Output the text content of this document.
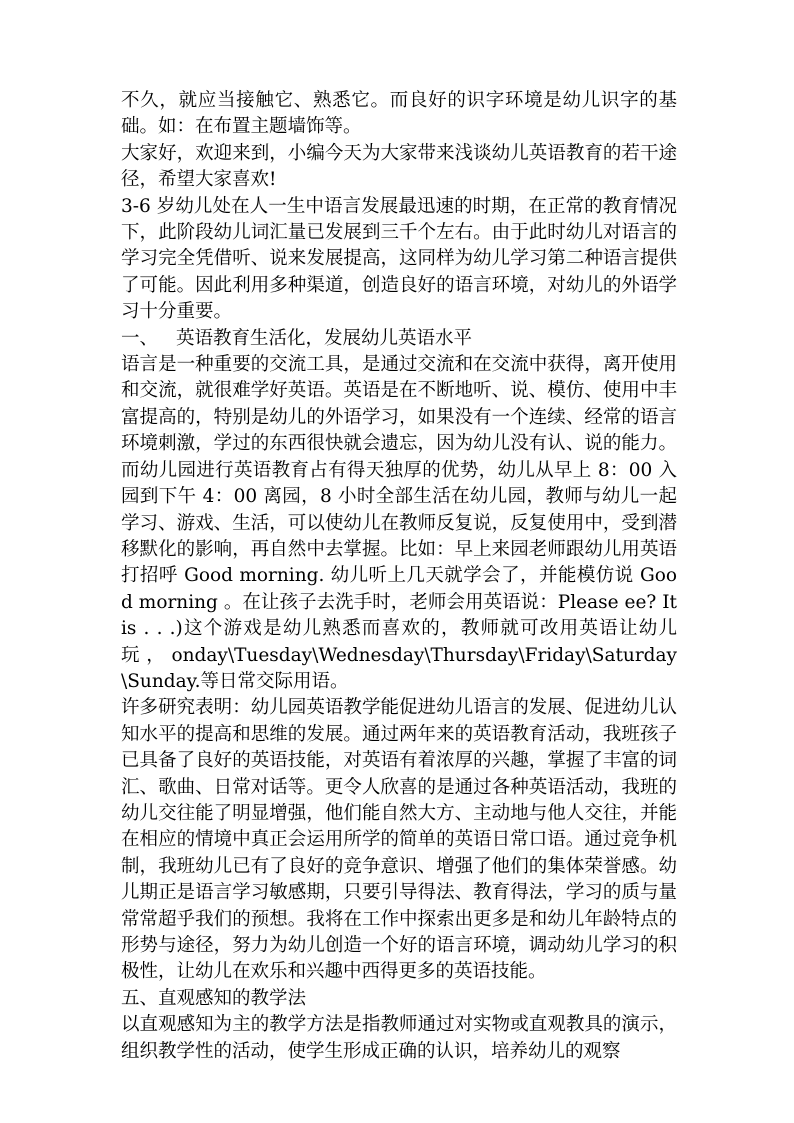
不久，就应当接触它、熟悉它。而良好的识字环境是幼儿识字的基础。如：在布置主题墙饰等。

大家好，欢迎来到，小编今天为大家带来浅谈幼儿英语教育的若干途径，希望大家喜欢!

3-6 岁幼儿处在人一生中语言发展最迅速的时期，在正常的教育情况下，此阶段幼儿词汇量已发展到三千个左右。由于此时幼儿对语言的学习完全凭借听、说来发展提高，这同样为幼儿学习第二种语言提供了可能。因此利用多种渠道，创造良好的语言环境，对幼儿的外语学习十分重要。

一、 英语教育生活化，发展幼儿英语水平

语言是一种重要的交流工具，是通过交流和在交流中获得，离开使用和交流，就很难学好英语。英语是在不断地听、说、模仿、使用中丰富提高的，特别是幼儿的外语学习，如果没有一个连续、经常的语言环境刺激，学过的东西很快就会遗忘，因为幼儿没有认、说的能力。而幼儿园进行英语教育占有得天独厚的优势，幼儿从早上 8：00 入园到下午 4：00 离园，8 小时全部生活在幼儿园，教师与幼儿一起学习、游戏、生活，可以使幼儿在教师反复说，反复使用中，受到潜移默化的影响，再自然中去掌握。比如：早上来园老师跟幼儿用英语打招呼 Good morning. 幼儿听上几天就学会了，并能模仿说 Good morning 。在让孩子去洗手时，老师会用英语说：Please ee? It is . . .)这个游戏是幼儿熟悉而喜欢的，教师就可改用英语让幼儿玩，onday\Tuesday\Wednesday\Thursday\Friday\Saturday\Sunday.等日常交际用语。

许多研究表明：幼儿园英语教学能促进幼儿语言的发展、促进幼儿认知水平的提高和思维的发展。通过两年来的英语教育活动，我班孩子已具备了良好的英语技能，对英语有着浓厚的兴趣，掌握了丰富的词汇、歌曲、日常对话等。更令人欣喜的是通过各种英语活动，我班的幼儿交往能了明显增强，他们能自然大方、主动地与他人交往，并能在相应的情境中真正会运用所学的简单的英语日常口语。通过竞争机制，我班幼儿已有了良好的竞争意识、增强了他们的集体荣誉感。幼儿期正是语言学习敏感期，只要引导得法、教育得法，学习的质与量常常超乎我们的预想。我将在工作中探索出更多是和幼儿年龄特点的形势与途径，努力为幼儿创造一个好的语言环境，调动幼儿学习的积极性，让幼儿在欢乐和兴趣中西得更多的英语技能。

五、直观感知的教学法

以直观感知为主的教学方法是指教师通过对实物或直观教具的演示，组织教学性的活动，使学生形成正确的认识，培养幼儿的观察
